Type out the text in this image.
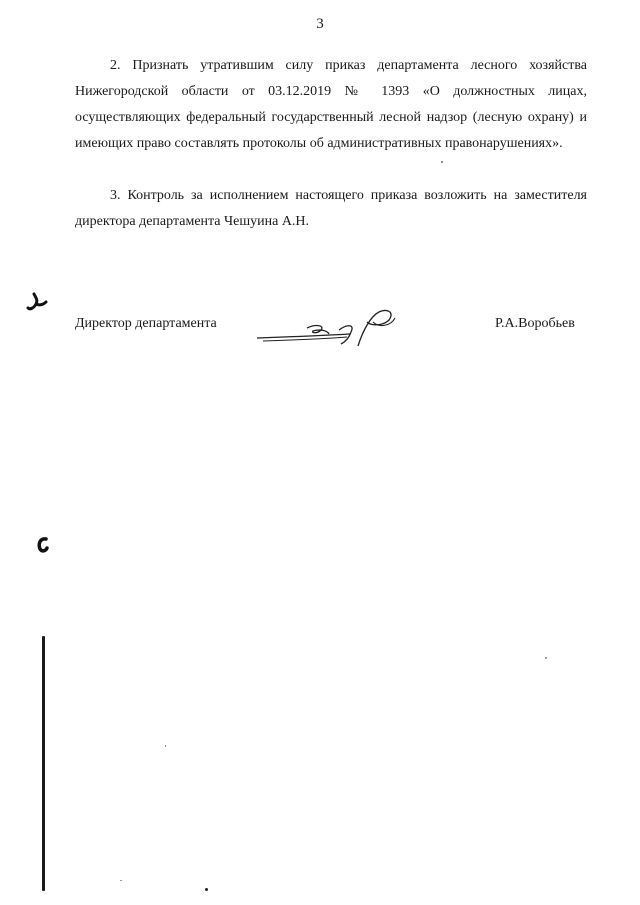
3

2. Признать утратившим силу приказ департамента лесного хозяйства Нижегородской области от 03.12.2019 № 1393 «О должностных лицах, осуществляющих федеральный государственный лесной надзор (лесную охрану) и имеющих право составлять протоколы об административных правонарушениях».

3. Контроль за исполнением настоящего приказа возложить на заместителя директора департамента Чешуина А.Н.

Директор департамента	Р.А.Воробьев
